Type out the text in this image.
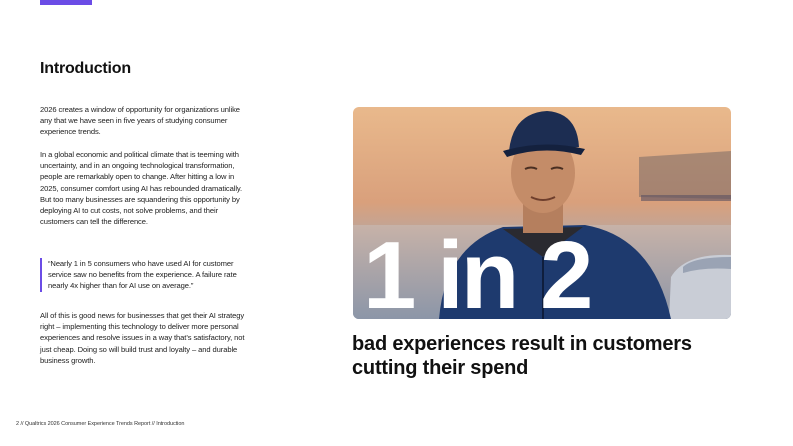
Introduction

2026 creates a window of opportunity for organizations unlike any that we have seen in five years of studying consumer experience trends.

In a global economic and political climate that is teeming with uncertainty, and in an ongoing technological transformation, people are remarkably open to change. After hitting a low in 2025, consumer comfort using AI has rebounded dramatically. But too many businesses are squandering this opportunity by deploying AI to cut costs, not solve problems, and their customers can tell the difference.

“Nearly 1 in 5 consumers who have used AI for customer service saw no benefits from the experience. A failure rate nearly 4x higher than for AI use on average.”

All of this is good news for businesses that get their AI strategy right – implementing this technology to deliver more personal experiences and resolve issues in a way that’s satisfactory, not just cheap. Doing so will build trust and loyalty – and durable business growth.

1 in 2

bad experiences result in customers cutting their spend

2 // Qualtrics 2026 Consumer Experience Trends Report // Introduction
